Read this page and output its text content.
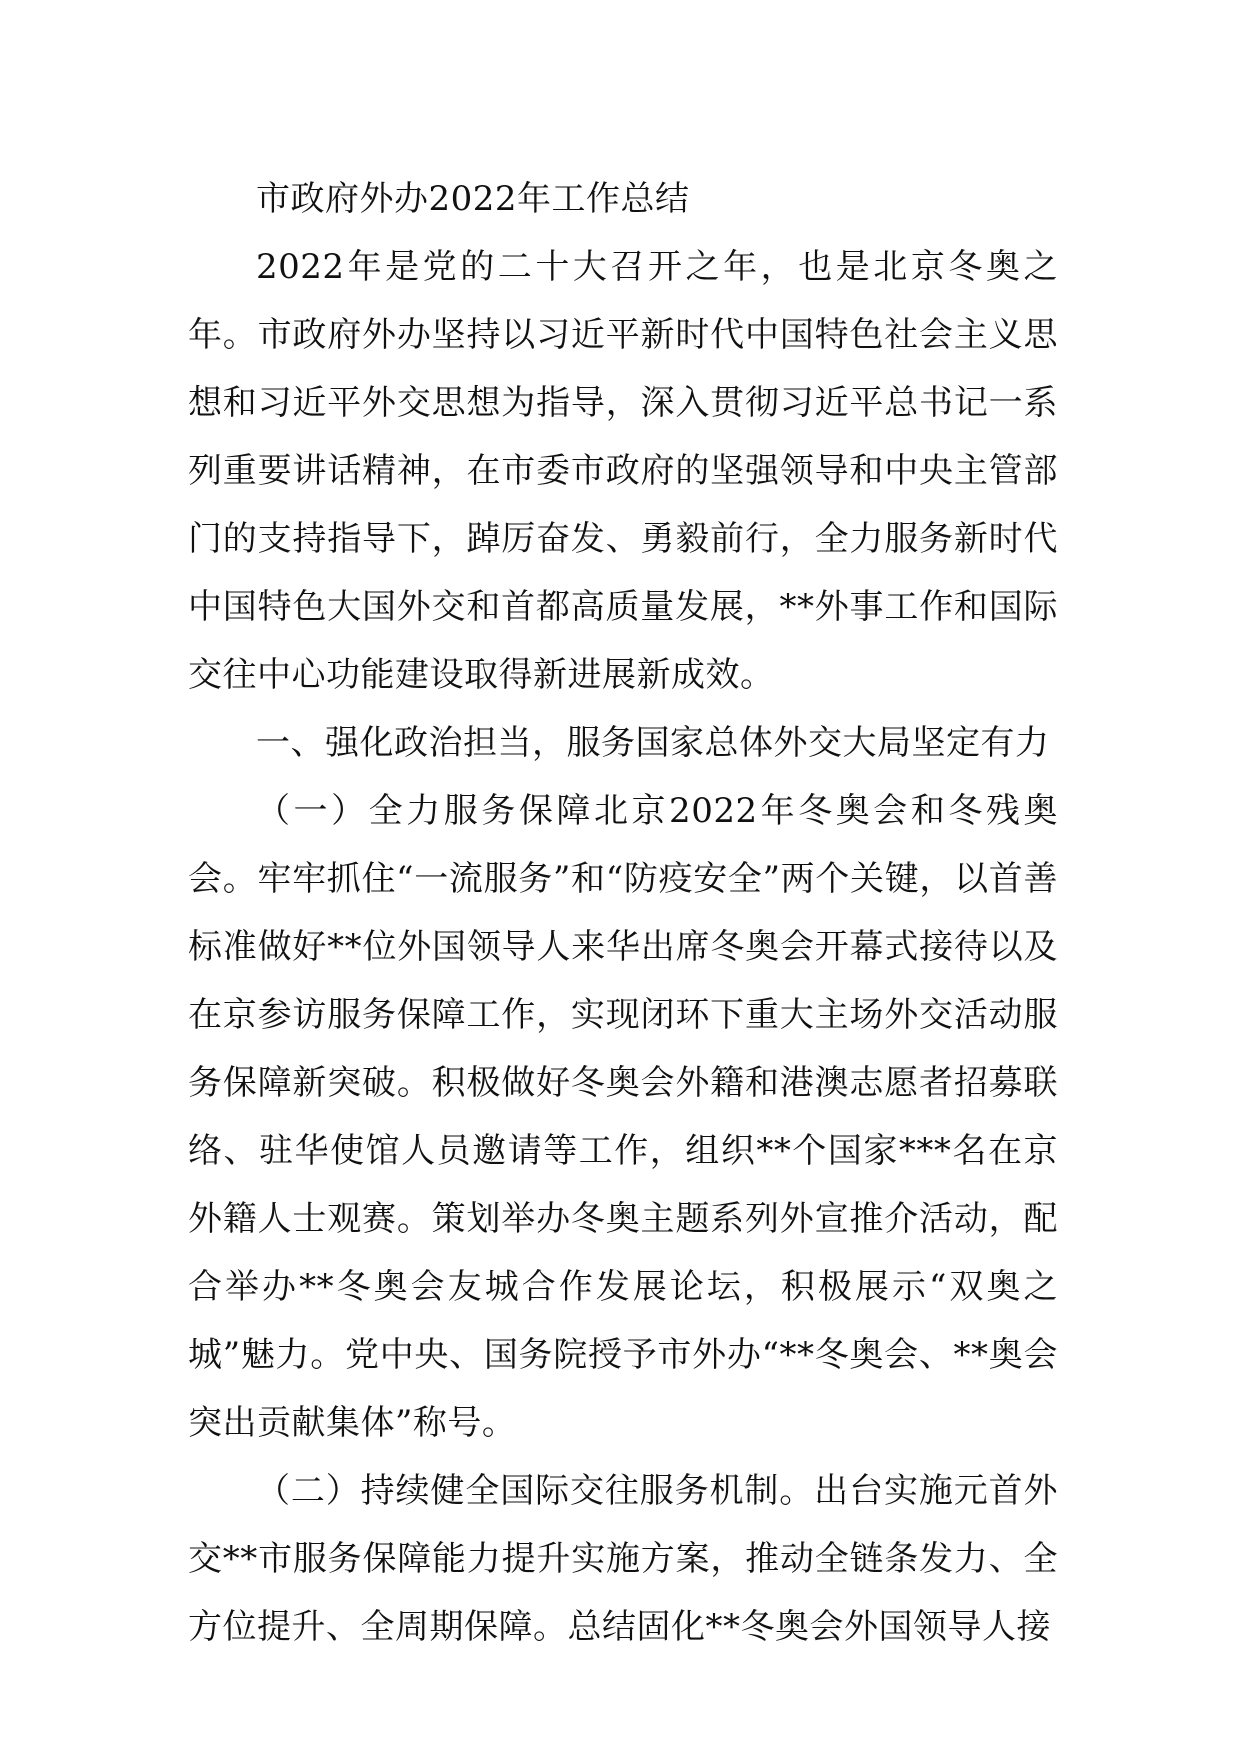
市政府外办2022年工作总结

2022年是党的二十大召开之年，也是北京冬奥之年。市政府外办坚持以习近平新时代中国特色社会主义思想和习近平外交思想为指导，深入贯彻习近平总书记一系列重要讲话精神，在市委市政府的坚强领导和中央主管部门的支持指导下，踔厉奋发、勇毅前行，全力服务新时代中国特色大国外交和首都高质量发展，**外事工作和国际交往中心功能建设取得新进展新成效。

一、强化政治担当，服务国家总体外交大局坚定有力

（一）全力服务保障北京2022年冬奥会和冬残奥会。牢牢抓住“一流服务”和“防疫安全”两个关键，以首善标准做好**位外国领导人来华出席冬奥会开幕式接待以及在京参访服务保障工作，实现闭环下重大主场外交活动服务保障新突破。积极做好冬奥会外籍和港澳志愿者招募联络、驻华使馆人员邀请等工作，组织**个国家***名在京外籍人士观赛。策划举办冬奥主题系列外宣推介活动，配合举办**冬奥会友城合作发展论坛，积极展示“双奥之城”魅力。党中央、国务院授予市外办“**冬奥会、**奥会突出贡献集体”称号。

（二）持续健全国际交往服务机制。出台实施元首外交**市服务保障能力提升实施方案，推动全链条发力、全方位提升、全周期保障。总结固化**冬奥会外国领导人接
